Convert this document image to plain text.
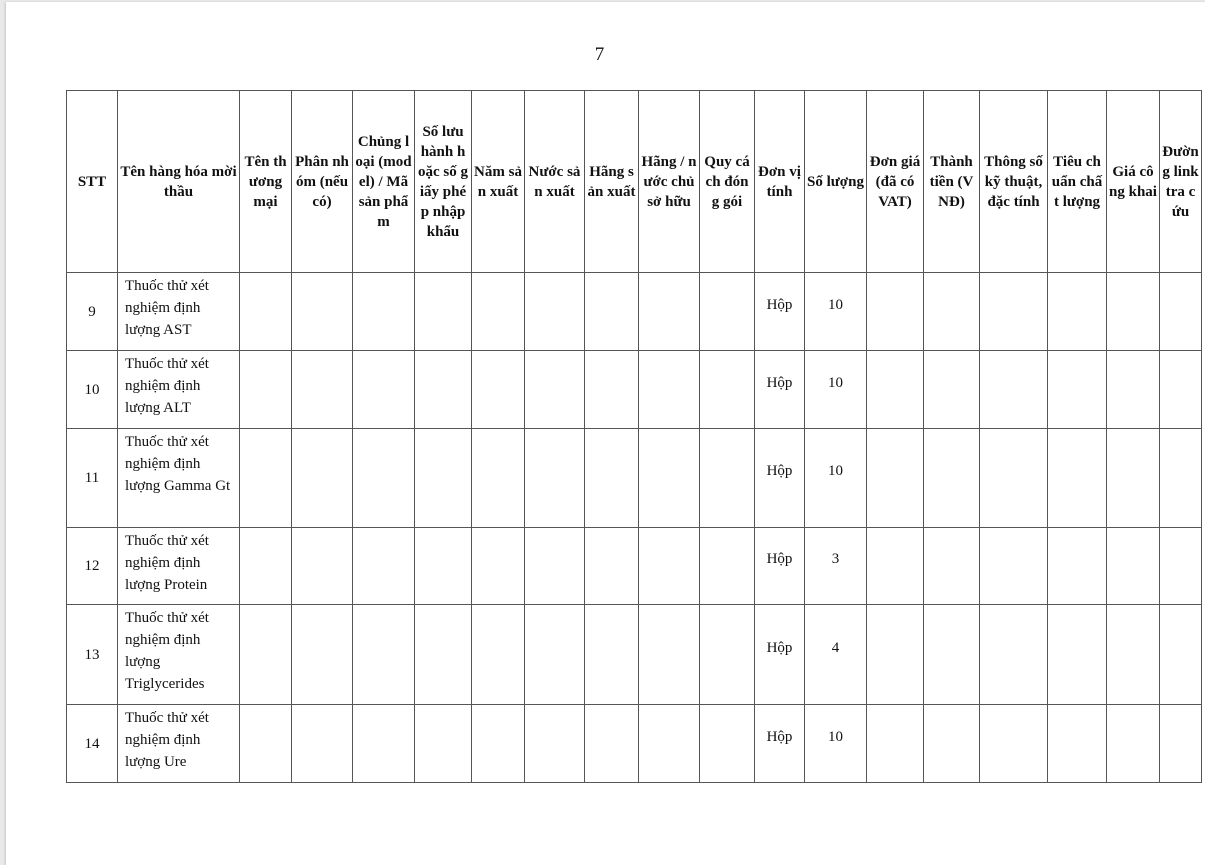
7
STT	Tên hàng hóa mời thầu	Tên thương mại	Phân nhóm (nếu có)	Chủng loại (model) / Mã sản phẩm	Số lưu hành hoặc số giấy phép nhập khẩu	Năm sản xuất	Nước sản xuất	Hãng sản xuất	Hãng / nước chủ sở hữu	Quy cách đóng gói	Đơn vị tính	Số lượng	Đơn giá (đã có VAT)	Thành tiền (VNĐ)	Thông số kỹ thuật, đặc tính	Tiêu chuẩn chất lượng	Giá công khai	Đường link tra cứu
9	Thuốc thử xét nghiệm định lượng AST										Hộp	10						
10	Thuốc thử xét nghiệm định lượng ALT										Hộp	10						
11	Thuốc thử xét nghiệm định lượng Gamma Gt										Hộp	10						
12	Thuốc thử xét nghiệm định lượng Protein										Hộp	3						
13	Thuốc thử xét nghiệm định lượng Triglycerides										Hộp	4						
14	Thuốc thử xét nghiệm định lượng Ure										Hộp	10						
